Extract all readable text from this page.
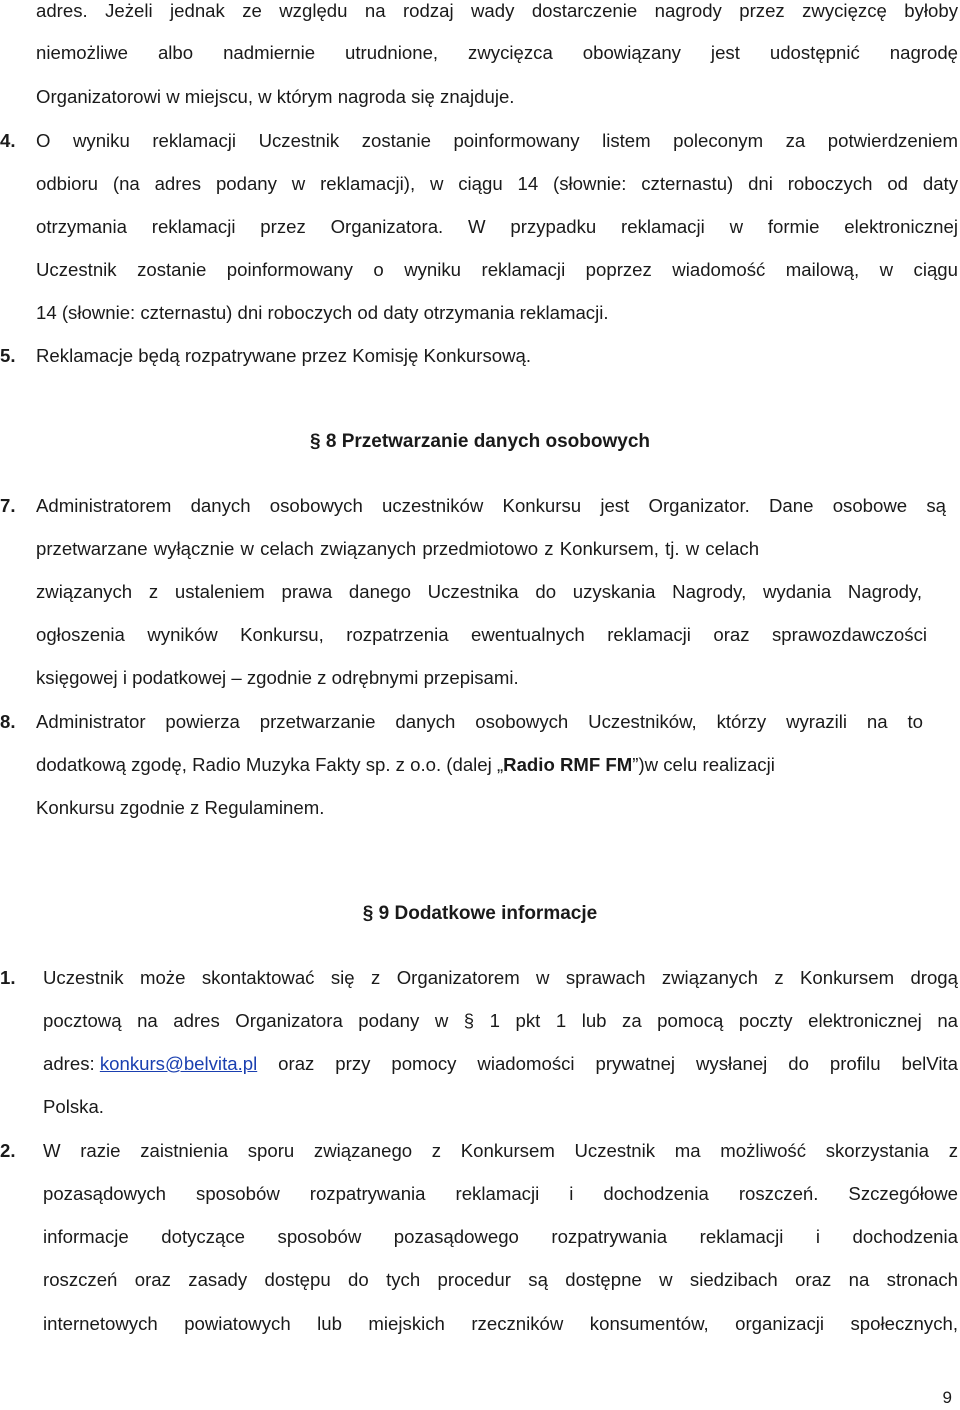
adres. Jeżeli jednak ze względu na rodzaj wady dostarczenie nagrody przez zwycięzcę byłoby
niemożliwe albo nadmiernie utrudnione, zwycięzca obowiązany jest udostępnić nagrodę
Organizatorowi w miejscu, w którym nagroda się znajduje.
4. O wyniku reklamacji Uczestnik zostanie poinformowany listem poleconym za potwierdzeniem
odbioru (na adres podany w reklamacji), w ciągu 14 (słownie: czternastu) dni roboczych od daty
otrzymania reklamacji przez Organizatora. W przypadku reklamacji w formie elektronicznej
Uczestnik zostanie poinformowany o wyniku reklamacji poprzez wiadomość mailową, w ciągu
14 (słownie: czternastu) dni roboczych od daty otrzymania reklamacji.
5. Reklamacje będą rozpatrywane przez Komisję Konkursową.
§ 8 Przetwarzanie danych osobowych
7. Administratorem danych osobowych uczestników Konkursu jest Organizator. Dane osobowe są
przetwarzane wyłącznie w celach związanych przedmiotowo z Konkursem, tj. w celach
związanych z ustaleniem prawa danego Uczestnika do uzyskania Nagrody, wydania Nagrody,
ogłoszenia wyników Konkursu, rozpatrzenia ewentualnych reklamacji oraz sprawozdawczości
księgowej i podatkowej – zgodnie z odrębnymi przepisami.
8. Administrator powierza przetwarzanie danych osobowych Uczestników, którzy wyrazili na to
dodatkową zgodę, Radio Muzyka Fakty sp. z o.o. (dalej „Radio RMF FM”)w celu realizacji
Konkursu zgodnie z Regulaminem.
§ 9 Dodatkowe informacje
1. Uczestnik może skontaktować się z Organizatorem w sprawach związanych z Konkursem drogą
pocztową na adres Organizatora podany w § 1 pkt 1 lub za pomocą poczty elektronicznej na
adres: konkurs@belvita.pl oraz przy pomocy wiadomości prywatnej wysłanej do profilu belVita
Polska.
2. W razie zaistnienia sporu związanego z Konkursem Uczestnik ma możliwość skorzystania z
pozasądowych sposobów rozpatrywania reklamacji i dochodzenia roszczeń. Szczegółowe
informacje dotyczące sposobów pozasądowego rozpatrywania reklamacji i dochodzenia
roszczeń oraz zasady dostępu do tych procedur są dostępne w siedzibach oraz na stronach
internetowych powiatowych lub miejskich rzeczników konsumentów, organizacji społecznych,
9
